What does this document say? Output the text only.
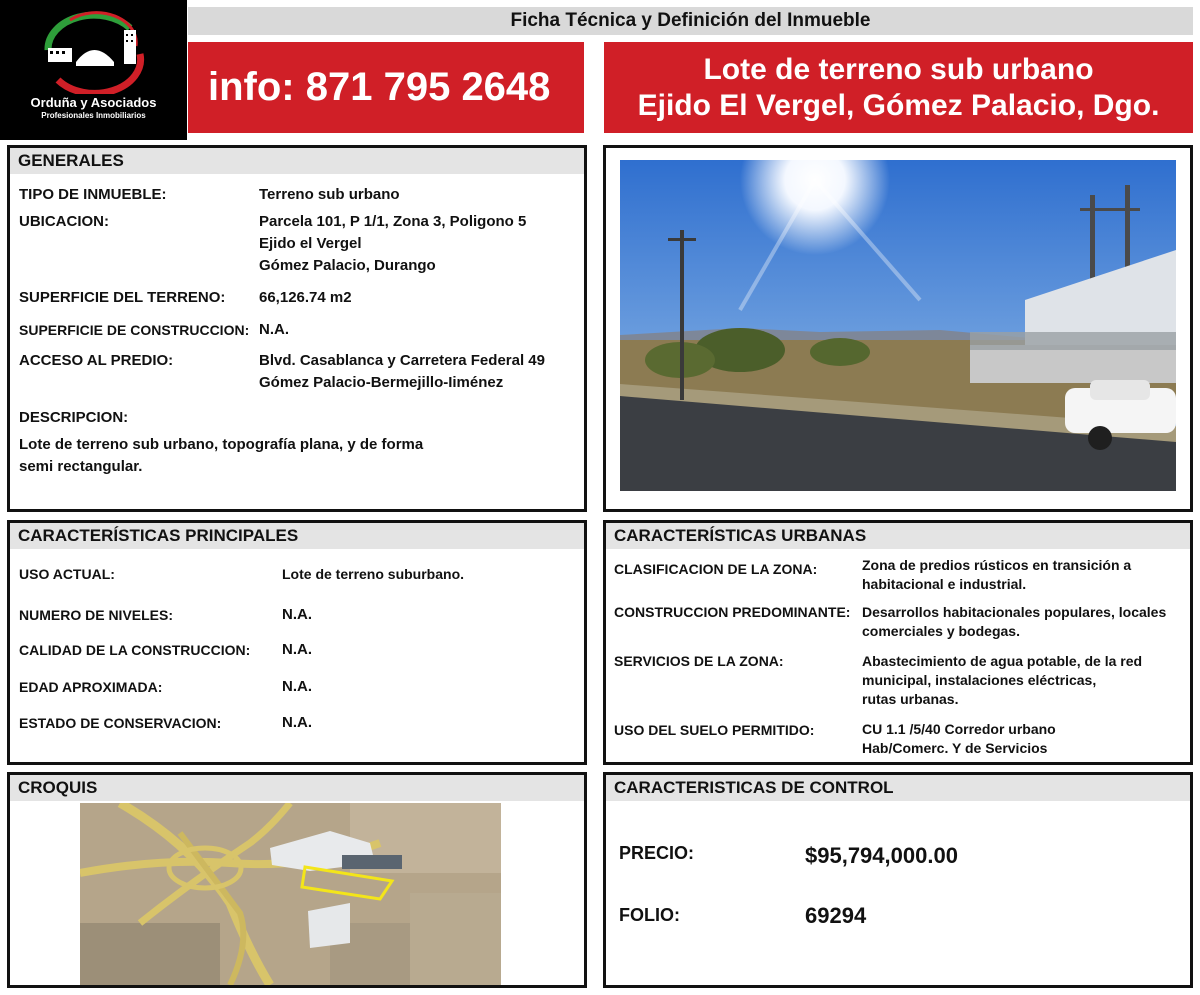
Orduña y Asociados
Profesionales Inmobiliarios
Ficha Técnica y Definición del Inmueble
info: 871 795 2648	Lote de terreno sub urbano
Ejido El Vergel, Gómez Palacio, Dgo.
GENERALES
TIPO DE INMUEBLE:	Terreno sub urbano
UBICACION:	Parcela 101, P 1/1, Zona 3, Poligono 5
Ejido el Vergel
Gómez Palacio, Durango
SUPERFICIE DEL TERRENO: 66,126.74 m2
SUPERFICIE DE CONSTRUCCION: N.A.
ACCESO AL PREDIO:	Blvd. Casablanca y Carretera Federal 49
Gómez Palacio-Bermejillo-Iiménez
DESCRIPCION:
Lote de terreno sub urbano, topografía plana, y de forma
semi rectangular.
CARACTERÍSTICAS PRINCIPALES
USO ACTUAL:	Lote de terreno suburbano.
NUMERO DE NIVELES:	N.A.
CALIDAD DE LA CONSTRUCCION: N.A.
EDAD APROXIMADA:	N.A.
ESTADO DE CONSERVACION:	N.A.
CARACTERÍSTICAS URBANAS
CLASIFICACION DE LA ZONA:	Zona de predios rústicos en transición a
habitacional e industrial.
CONSTRUCCION PREDOMINANTE: Desarrollos habitacionales populares, locales
comerciales y bodegas.
SERVICIOS DE LA ZONA:	Abastecimiento de agua potable, de la red
municipal, instalaciones eléctricas,
rutas urbanas.
USO DEL SUELO PERMITIDO:	CU 1.1 /5/40 Corredor urbano
Hab/Comerc. Y de Servicios
CROQUIS	CARACTERISTICAS DE CONTROL
PRECIO:	$95,794,000.00
FOLIO:	69294
